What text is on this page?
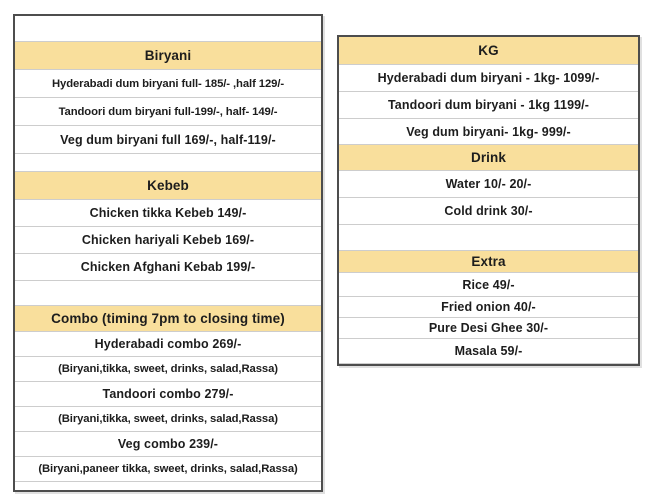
Biryani
Hyderabadi dum biryani full- 185/- ,half 129/-
Tandoori dum biryani full-199/-, half- 149/-
Veg dum biryani full 169/-, half-119/-
Kebeb
Chicken tikka Kebeb 149/-
Chicken hariyali Kebeb 169/-
Chicken Afghani Kebab 199/-
Combo (timing 7pm to closing time)
Hyderabadi combo 269/-
(Biryani,tikka, sweet, drinks, salad,Rassa)
Tandoori combo 279/-
(Biryani,tikka, sweet, drinks, salad,Rassa)
Veg combo 239/-
(Biryani,paneer tikka, sweet, drinks, salad,Rassa)
KG
Hyderabadi dum biryani - 1kg- 1099/-
Tandoori dum biryani - 1kg 1199/-
Veg dum biryani- 1kg- 999/-
Drink
Water 10/- 20/-
Cold drink 30/-
Extra
Rice 49/-
Fried onion 40/-
Pure Desi Ghee 30/-
Masala 59/-
